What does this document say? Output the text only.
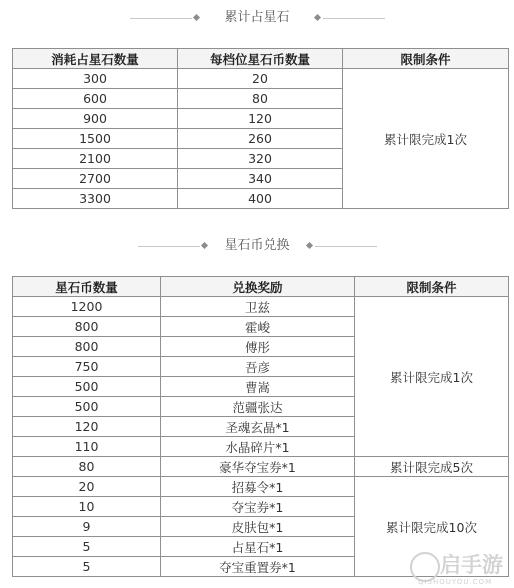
累计占星石
消耗占星石数量	每档位星石币数量	限制条件
300	20	累计限完成1次
600	80	
900	120	
1500	260	
2100	320	
2700	340	
3300	400	
星石币兑换
星石币数量	兑换奖励	限制条件
1200	卫兹	累计限完成1次
800	霍峻	
800	傅彤	
750	吾彦	
500	曹嵩	
500	范疆张达	
120	圣魂玄晶*1	
110	水晶碎片*1	
80	豪华夺宝券*1	累计限完成5次
20	招募令*1	累计限完成10次
10	夺宝券*1	
9	皮肤包*1	
5	占星石*1	
5	夺宝重置券*1		启手游
QISHOUYOU.COM
